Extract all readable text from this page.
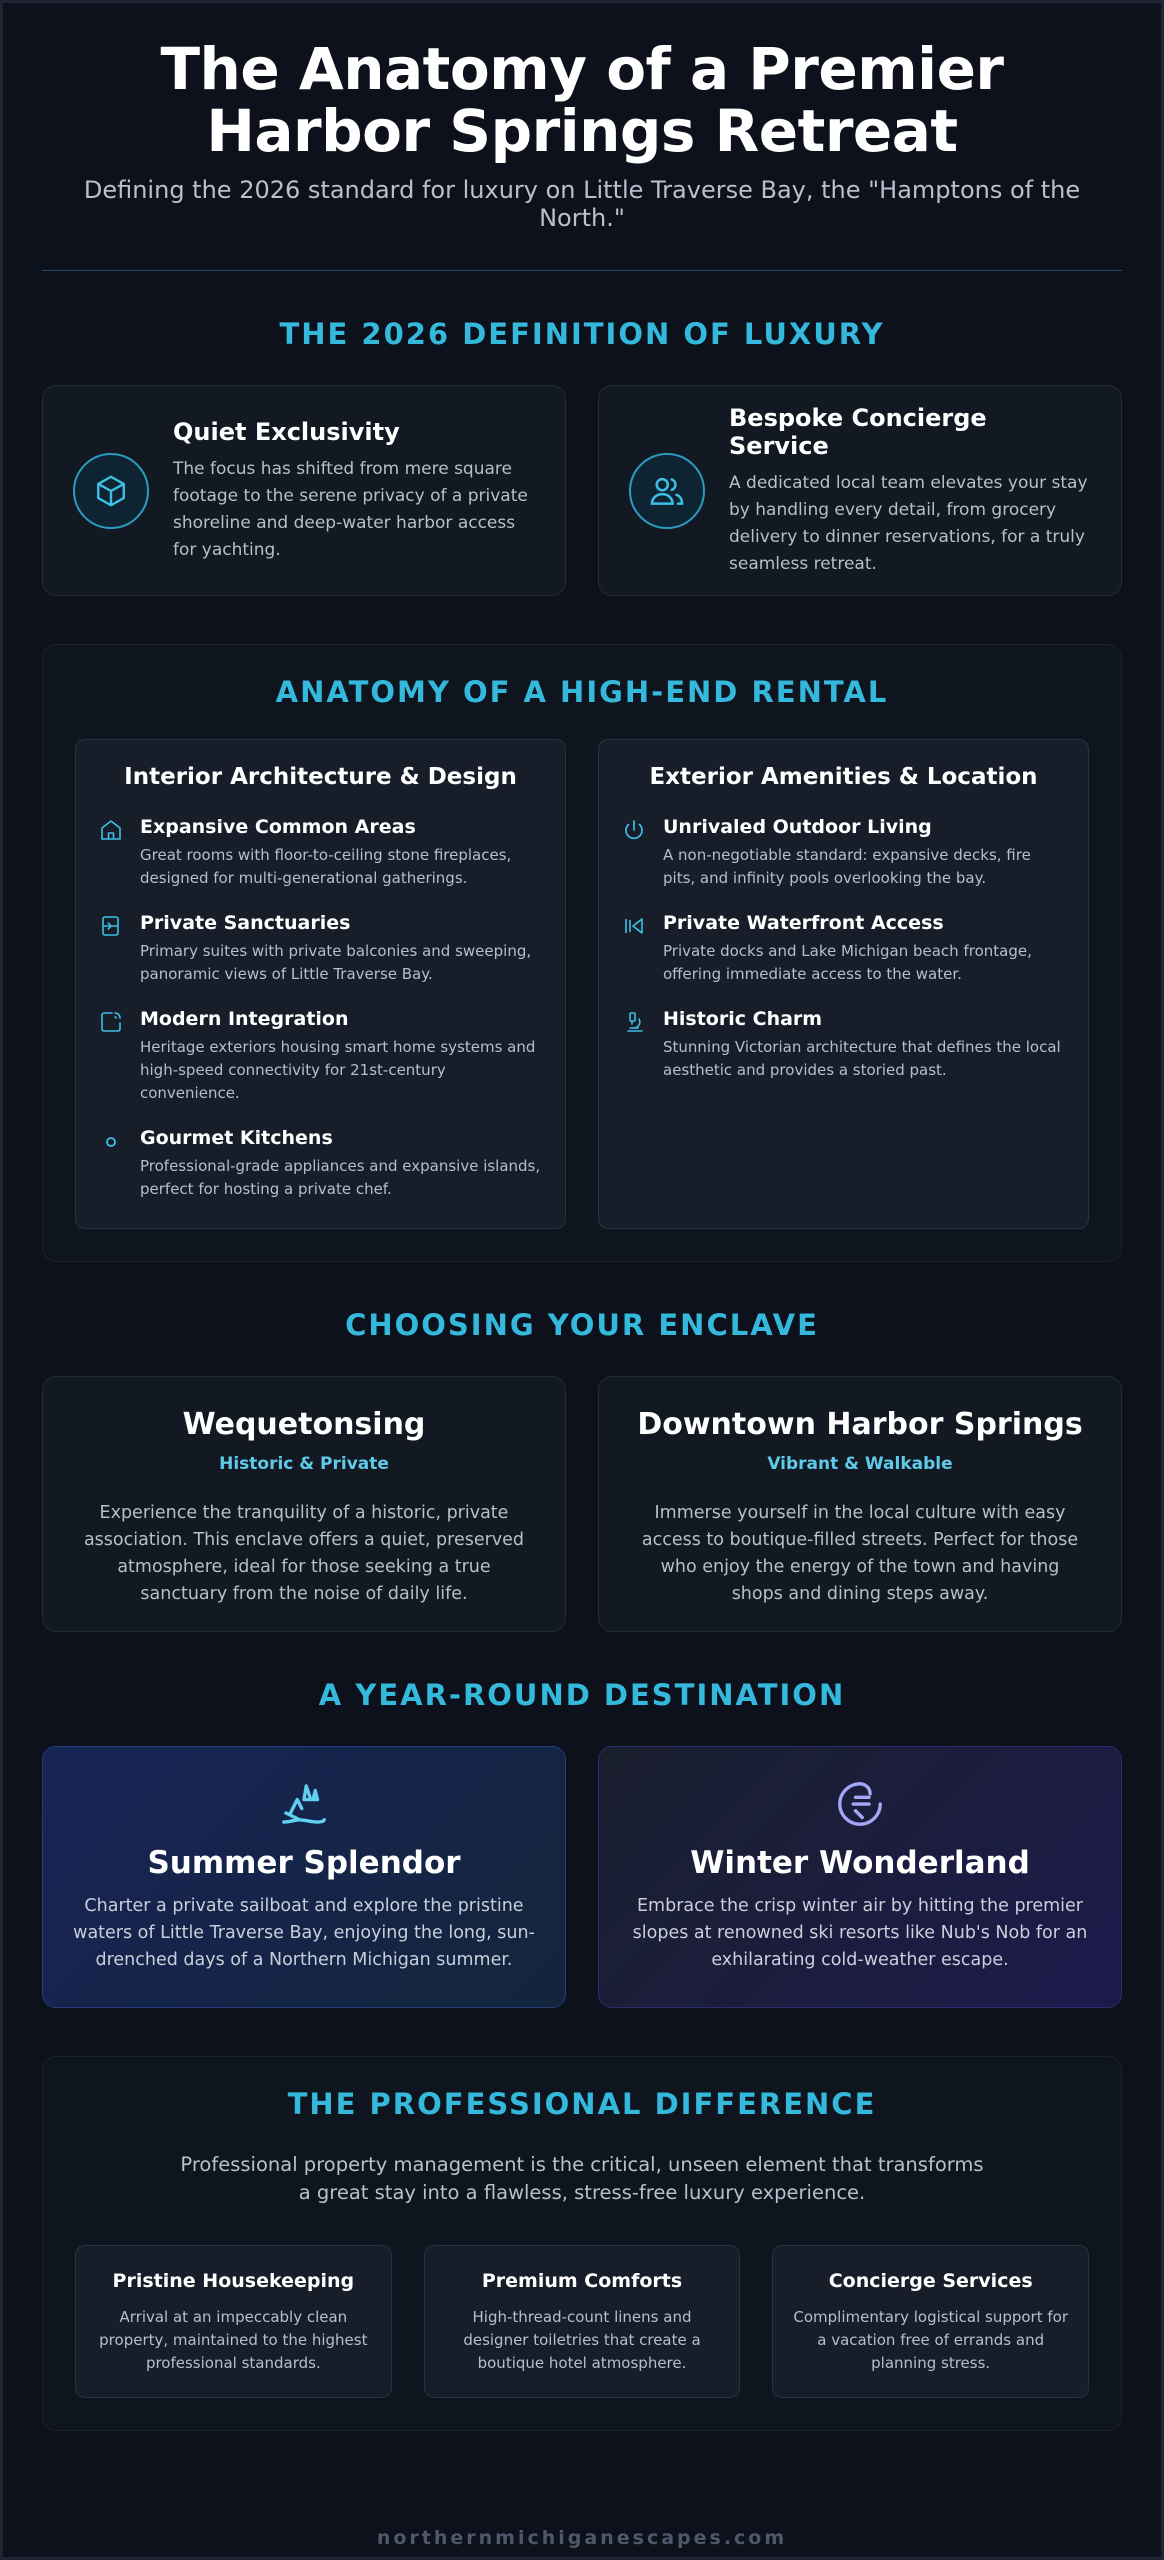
The Anatomy of a Premier Harbor Springs Retreat

Defining the 2026 standard for luxury on Little Traverse Bay, the "Hamptons of the North."

THE 2026 DEFINITION OF LUXURY
Quiet Exclusivity
The focus has shifted from mere square footage to the serene privacy of a private shoreline and deep-water harbor access for yachting.
Bespoke Concierge Service
A dedicated local team elevates your stay by handling every detail, from grocery delivery to dinner reservations, for a truly seamless retreat.
ANATOMY OF A HIGH-END RENTAL
Interior Architecture & Design
Expansive Common Areas
Great rooms with floor-to-ceiling stone fireplaces, designed for multi-generational gatherings.
Private Sanctuaries
Primary suites with private balconies and sweeping, panoramic views of Little Traverse Bay.
Modern Integration
Heritage exteriors housing smart home systems and high-speed connectivity for 21st-century convenience.
Gourmet Kitchens
Professional-grade appliances and expansive islands, perfect for hosting a private chef.
Exterior Amenities & Location
Unrivaled Outdoor Living
A non-negotiable standard: expansive decks, fire pits, and infinity pools overlooking the bay.
Private Waterfront Access
Private docks and Lake Michigan beach frontage, offering immediate access to the water.
Historic Charm
Stunning Victorian architecture that defines the local aesthetic and provides a storied past.
CHOOSING YOUR ENCLAVE
Wequetonsing
Historic & Private
Experience the tranquility of a historic, private association. This enclave offers a quiet, preserved atmosphere, ideal for those seeking a true sanctuary from the noise of daily life.
Downtown Harbor Springs
Vibrant & Walkable
Immerse yourself in the local culture with easy access to boutique-filled streets. Perfect for those who enjoy the energy of the town and having shops and dining steps away.
A YEAR-ROUND DESTINATION
Summer Splendor
Charter a private sailboat and explore the pristine waters of Little Traverse Bay, enjoying the long, sun-drenched days of a Northern Michigan summer.
Winter Wonderland
Embrace the crisp winter air by hitting the premier slopes at renowned ski resorts like Nub's Nob for an exhilarating cold-weather escape.
THE PROFESSIONAL DIFFERENCE

Professional property management is the critical, unseen element that transforms a great stay into a flawless, stress-free luxury experience.

Pristine Housekeeping
Arrival at an impeccably clean property, maintained to the highest professional standards.
Premium Comforts
High-thread-count linens and designer toiletries that create a boutique hotel atmosphere.
Concierge Services
Complimentary logistical support for a vacation free of errands and planning stress.
northernmichiganescapes.com
